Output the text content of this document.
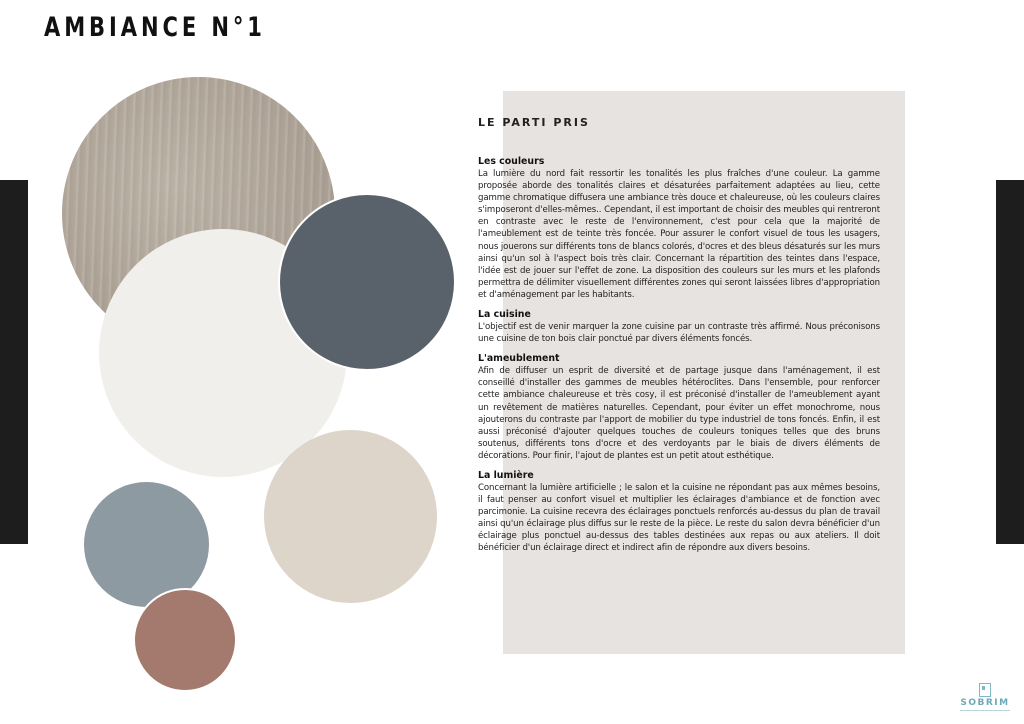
AMBIANCE N°1
LE PARTI PRIS
Les couleurs

La lumière du nord fait ressortir les tonalités les plus fraîches d'une couleur. La gamme proposée aborde des tonalités claires et désaturées parfaitement adaptées au lieu, cette gamme chromatique diffusera une ambiance très douce et chaleureuse, où les couleurs claires s'imposeront d'elles-mêmes.. Cependant, il est important de choisir des meubles qui rentreront en contraste avec le reste de l'environnement, c'est pour cela que la majorité de l'ameublement est de teinte très foncée. Pour assurer le confort visuel de tous les usagers, nous jouerons sur différents tons de blancs colorés, d'ocres et des bleus désaturés sur les murs ainsi qu'un sol à l'aspect bois très clair. Concernant la répartition des teintes dans l'espace, l'idée est de jouer sur l'effet de zone. La disposition des couleurs sur les murs et les plafonds permettra de délimiter visuellement différentes zones qui seront laissées libres d'appropriation et d'aménagement par les habitants.

La cuisine

L'objectif est de venir marquer la zone cuisine par un contraste très affirmé. Nous préconisons une cuisine de ton bois clair ponctué par divers éléments foncés.

L'ameublement

Afin de diffuser un esprit de diversité et de partage jusque dans l'aménagement, il est conseillé d'installer des gammes de meubles hétéroclites. Dans l'ensemble, pour renforcer cette ambiance chaleureuse et très cosy, il est préconisé d'installer de l'ameublement ayant un revêtement de matières naturelles. Cependant, pour éviter un effet monochrome, nous ajouterons du contraste par l'apport de mobilier du type industriel de tons foncés. Enfin, il est aussi préconisé d'ajouter quelques touches de couleurs toniques telles que des bruns soutenus, différents tons d'ocre et des verdoyants par le biais de divers éléments de décorations. Pour finir, l'ajout de plantes est un petit atout esthétique.

La lumière

Concernant la lumière artificielle ; le salon et la cuisine ne répondant pas aux mêmes besoins, il faut penser au confort visuel et multiplier les éclairages d'ambiance et de fonction avec parcimonie. La cuisine recevra des éclairages ponctuels renforcés au-dessus du plan de travail ainsi qu'un éclairage plus diffus sur le reste de la pièce. Le reste du salon devra bénéficier d'un éclairage plus ponctuel au-dessus des tables destinées aux repas ou aux ateliers. Il doit bénéficier d'un éclairage direct et indirect afin de répondre aux divers besoins.

SOBRIM
